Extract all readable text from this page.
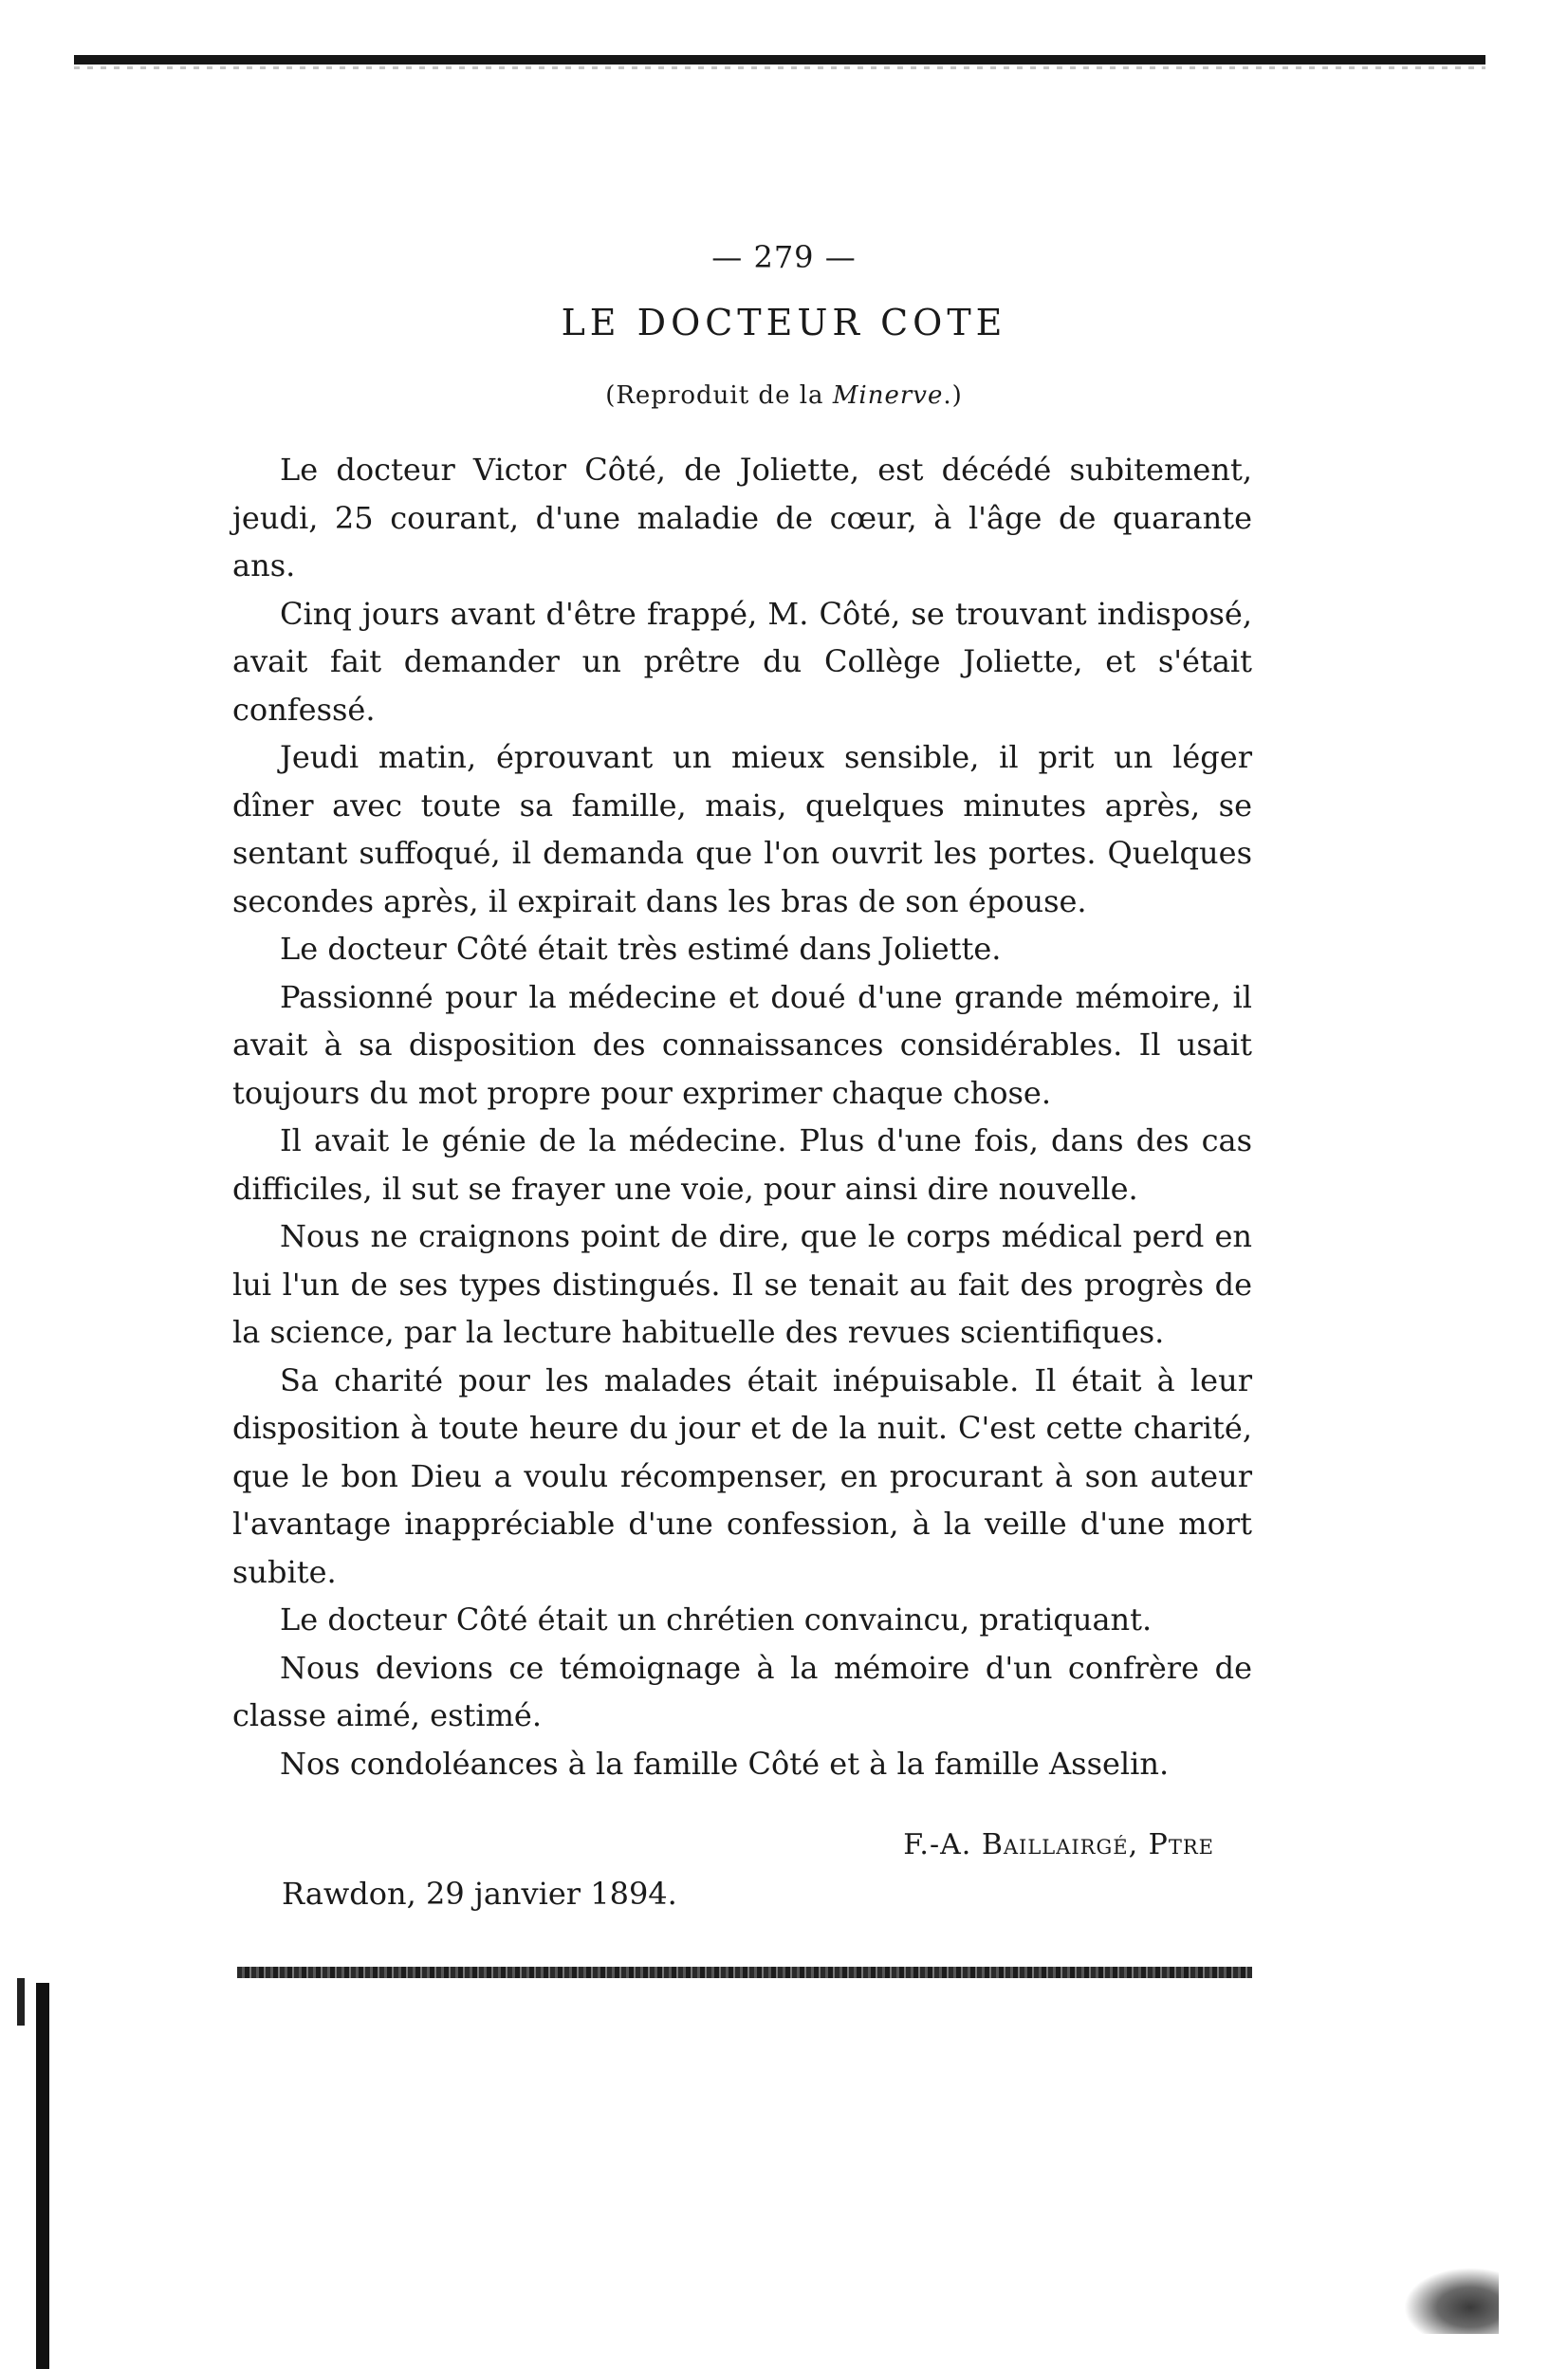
— 279 —
LE DOCTEUR COTE
(Reproduit de la Minerve.)

Le docteur Victor Côté, de Joliette, est décédé subitement, jeudi, 25 courant, d'une maladie de cœur, à l'âge de quarante ans.

Cinq jours avant d'être frappé, M. Côté, se trouvant indisposé, avait fait demander un prêtre du Collège Joliette, et s'était confessé.

Jeudi matin, éprouvant un mieux sensible, il prit un léger dîner avec toute sa famille, mais, quelques minutes après, se sentant suffoqué, il demanda que l'on ouvrit les portes. Quelques secondes après, il expirait dans les bras de son épouse.

Le docteur Côté était très estimé dans Joliette.

Passionné pour la médecine et doué d'une grande mémoire, il avait à sa disposition des connaissances considérables. Il usait toujours du mot propre pour exprimer chaque chose.

Il avait le génie de la médecine. Plus d'une fois, dans des cas difficiles, il sut se frayer une voie, pour ainsi dire nouvelle.

Nous ne craignons point de dire, que le corps médical perd en lui l'un de ses types distingués. Il se tenait au fait des progrès de la science, par la lecture habituelle des revues scientifiques.

Sa charité pour les malades était inépuisable. Il était à leur disposition à toute heure du jour et de la nuit. C'est cette charité, que le bon Dieu a voulu récompenser, en procurant à son auteur l'avantage inappréciable d'une confession, à la veille d'une mort subite.

Le docteur Côté était un chrétien convaincu, pratiquant.

Nous devions ce témoignage à la mémoire d'un confrère de classe aimé, estimé.

Nos condoléances à la famille Côté et à la famille Asselin.

F.-A. Baillairgé, Ptre
Rawdon, 29 janvier 1894.
